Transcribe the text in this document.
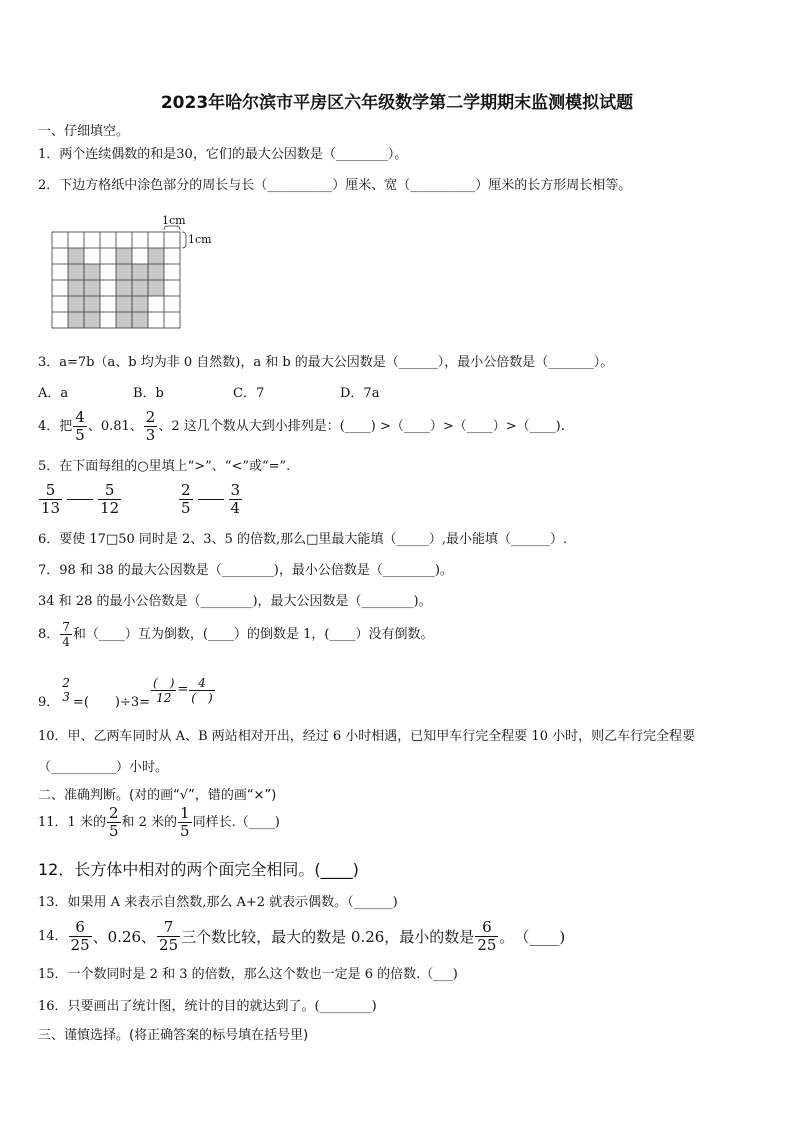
2023年哈尔滨市平房区六年级数学第二学期期末监测模拟试题
一、仔细填空。
1．两个连续偶数的和是30，它们的最大公因数是（________）。
2．下边方格纸中涂色部分的周长与长（__________）厘米、宽（__________）厘米的长方形周长相等。
1cm
1cm
3．a=7b（a、b 均为非 0 自然数)，a 和 b 的最大公因数是（______），最小公倍数是（_______）。
A．a	B．b	C．7	D．7a
4．把 $\frac{4}{5}$ 、0.81、 $\frac{2}{3}$ 、2 这几个数从大到小排列是：(____) >（____）>（____）>（____).
5．在下面每组的○里填上“>”、“<”或“=”.
$\frac{5}{13} \frac{5}{12}$	$\frac{2}{5} \frac{3}{4}$
6．要使 17□50 同时是 2、3、5 的倍数,那么□里最大能填（_____）,最小能填（______）.
7．98 和 38 的最大公因数是（________)，最小公倍数是（________)。
34 和 28 的最小公倍数是（________)，最大公因数是（________)。
8． $\frac{7}{4}$ 和（____）互为倒数，(____）的倒数是 1，(____）没有倒数。
9．
2
3 =(　　)$\div 3= \frac{( )}{12} = \frac{4}{( )}$
10．甲、乙两车同时从 A、B 两站相对开出，经过 6 小时相遇，已知甲车行完全程要 10 小时，则乙车行完全程要
（__________）小时。
二、准确判断。(对的画“√”，错的画“×”)
11．1 米的 $\frac{2}{5}$ 和 2 米的 $\frac{1}{5}$ 同样长.（____)
12．长方体中相对的两个面完全相同。(____)
13．如果用 A 来表示自然数,那么 A+2 就表示偶数。（______)
14． $\frac{6}{25}$ 、0.26、 $\frac{7}{25}$ 三个数比较，最大的数是 0.26，最小的数是 $\frac{6}{25}$ 。　（____)
15．一个数同时是 2 和 3 的倍数，那么这个数也一定是 6 的倍数.（___)
16．只要画出了统计图，统计的目的就达到了。(________)
三、谨慎选择。(将正确答案的标号填在括号里)
